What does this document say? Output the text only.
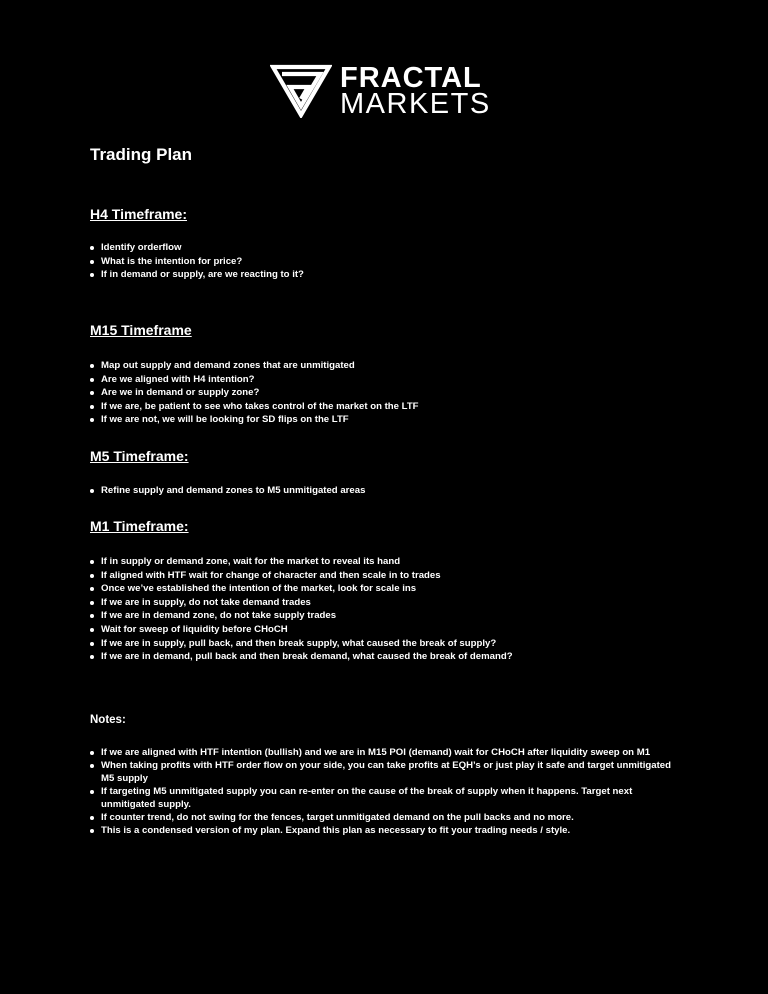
FRACTAL
MARKETS
Trading Plan
H4 Timeframe:
Identify orderflow
What is the intention for price?
If in demand or supply, are we reacting to it?
M15 Timeframe
Map out supply and demand zones that are unmitigated
Are we aligned with H4 intention?
Are we in demand or supply zone?
If we are, be patient to see who takes control of the market on the LTF
If we are not, we will be looking for SD flips on the LTF
M5 Timeframe:
Refine supply and demand zones to M5 unmitigated areas
M1 Timeframe:
If in supply or demand zone, wait for the market to reveal its hand
If aligned with HTF wait for change of character and then scale in to trades
Once we’ve established the intention of the market, look for scale ins
If we are in supply, do not take demand trades
If we are in demand zone, do not take supply trades
Wait for sweep of liquidity before CHoCH
If we are in supply, pull back, and then break supply, what caused the break of supply?
If we are in demand, pull back and then break demand, what caused the break of demand?
Notes:
If we are aligned with HTF intention (bullish) and we are in M15 POI (demand) wait for CHoCH after liquidity sweep on M1
When taking profits with HTF order flow on your side, you can take profits at EQH’s or just play it safe and target unmitigated M5 supply
If targeting M5 unmitigated supply you can re-enter on the cause of the break of supply when it happens. Target next unmitigated supply.
If counter trend, do not swing for the fences, target unmitigated demand on the pull backs and no more.
This is a condensed version of my plan. Expand this plan as necessary to fit your trading needs / style.
